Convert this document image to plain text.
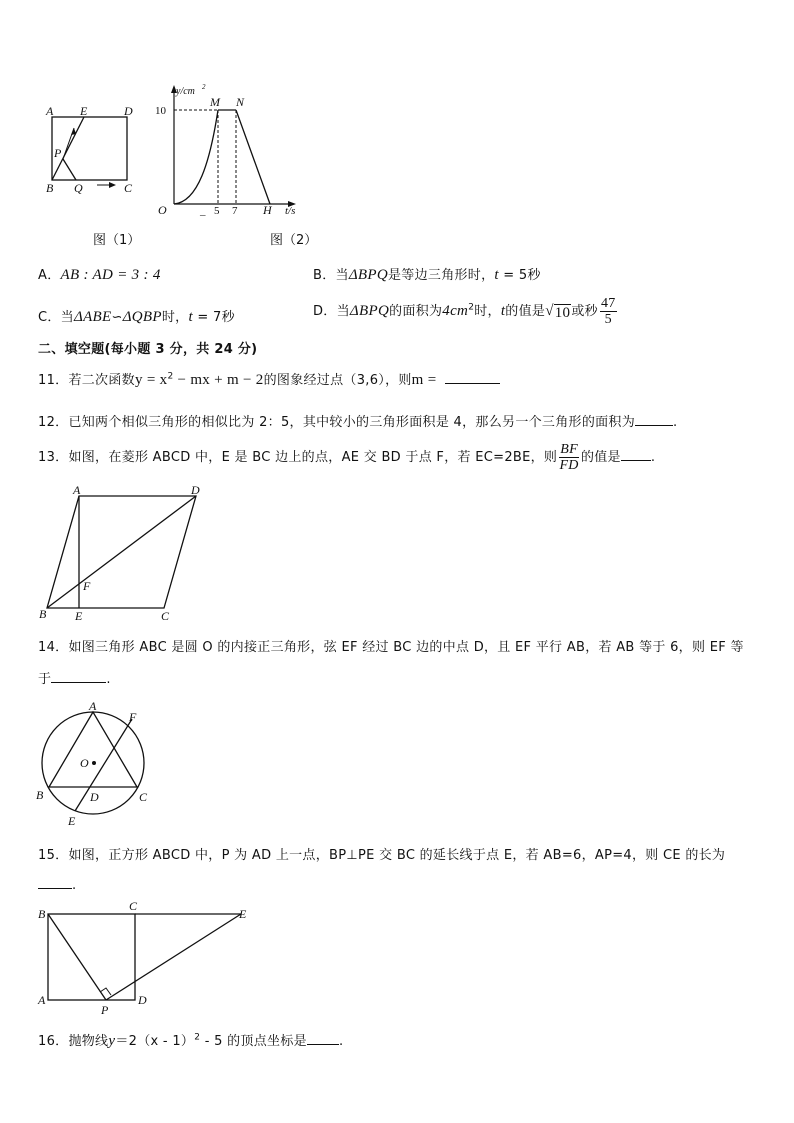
A E	D
P
B Q	C
图（1）
y/cm 2
10
M N
O	_ 5 7 H t/s
图（2）
A．AB : AD = 3 : 4	B．当ΔBPQ是等边三角形时，t = 5秒
C．当ΔABE∽ΔQBP时，t = 7秒	D．当ΔBPQ的面积为$4cm^2$时，t的值是√ 10 或秒 $\frac{47}{5}$
二、填空题(每小题 3 分，共 24 分)
11．若二次函数$y = x^2$ − mx + m − 2的图象经过点（3,6），则m =
12．已知两个相似三角形的相似比为 2：5，其中较小的三角形面积是 4，那么另一个三角形的面积为	.
13．如图，在菱形 ABCD 中，E 是 BC 边上的点，AE 交 BD 于点 F，若 EC=2BE，则 $\frac{BF}{FD}$ 的值是 .
A	D
F
B E	C
14．如图三角形 ABC 是圆 O 的内接正三角形，弦 EF 经过 BC 边的中点 D，且 EF 平行 AB，若 AB 等于 6，则 EF 等
于	.
A
F
O
B	D	C
E
15．如图，正方形 ABCD 中，P 为 AD 上一点，BP⊥PE 交 BC 的延长线于点 E，若 AB=6，AP=4，则 CE 的长为
.
B
C
E
A
P
D
16．抛物线y＝2（x - 1）$^2$ - 5 的顶点坐标是 .
